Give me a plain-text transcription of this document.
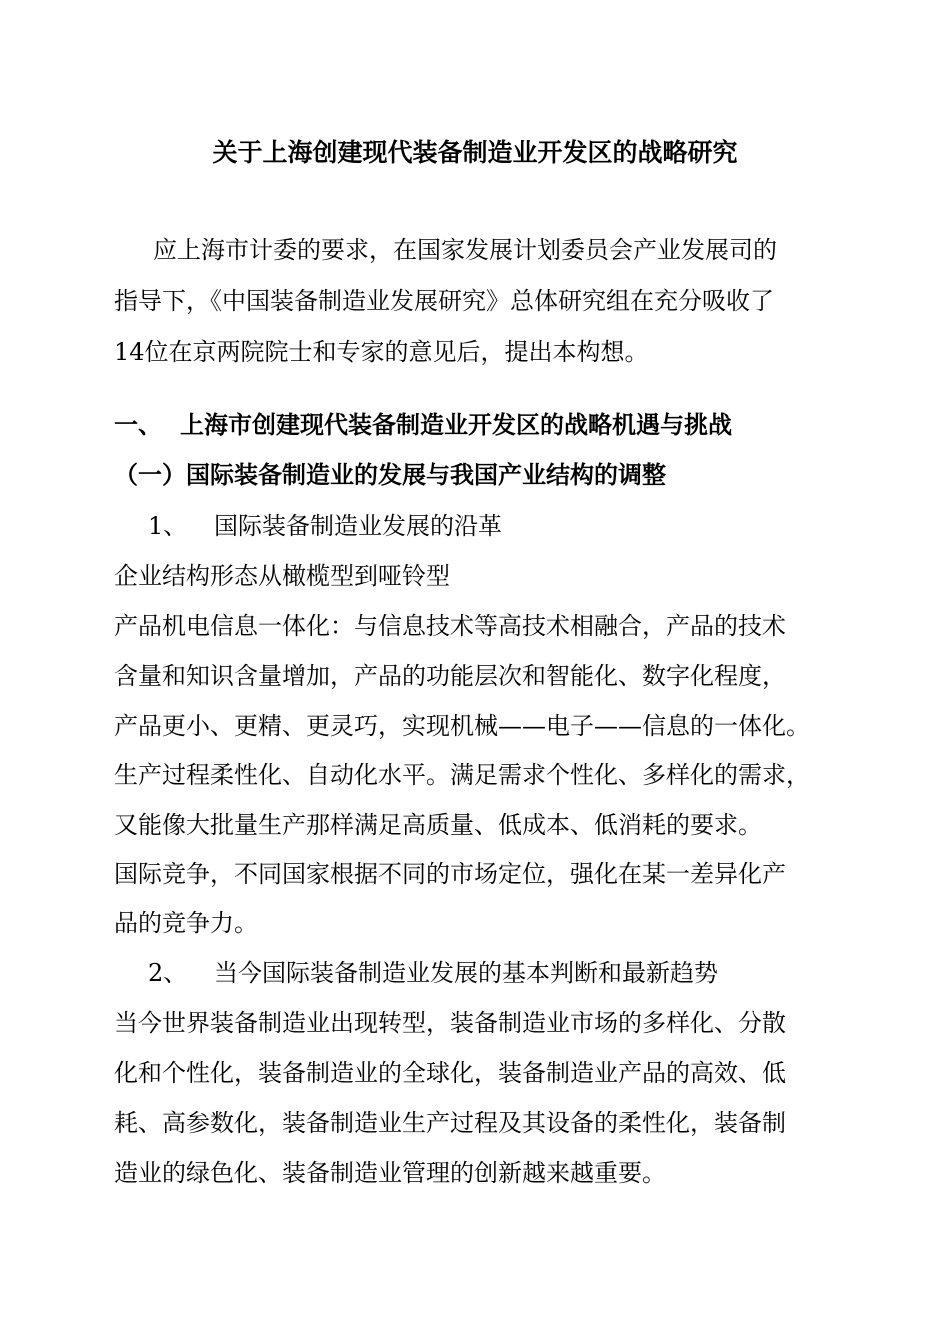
关于上海创建现代装备制造业开发区的战略研究
应上海市计委的要求，在国家发展计划委员会产业发展司的
指导下，《中国装备制造业发展研究》总体研究组在充分吸收了
14位在京两院院士和专家的意见后，提出本构想。
一、 上海市创建现代装备制造业开发区的战略机遇与挑战
（一）国际装备制造业的发展与我国产业结构的调整
1、 国际装备制造业发展的沿革
企业结构形态从橄榄型到哑铃型
产品机电信息一体化：与信息技术等高技术相融合，产品的技术
含量和知识含量增加，产品的功能层次和智能化、数字化程度，
产品更小、更精、更灵巧，实现机械——电子——信息的一体化。
生产过程柔性化、自动化水平。满足需求个性化、多样化的需求，
又能像大批量生产那样满足高质量、低成本、低消耗的要求。
国际竞争，不同国家根据不同的市场定位，强化在某一差异化产
品的竞争力。
2、 当今国际装备制造业发展的基本判断和最新趋势
当今世界装备制造业出现转型，装备制造业市场的多样化、分散
化和个性化，装备制造业的全球化，装备制造业产品的高效、低
耗、高参数化，装备制造业生产过程及其设备的柔性化，装备制
造业的绿色化、装备制造业管理的创新越来越重要。
